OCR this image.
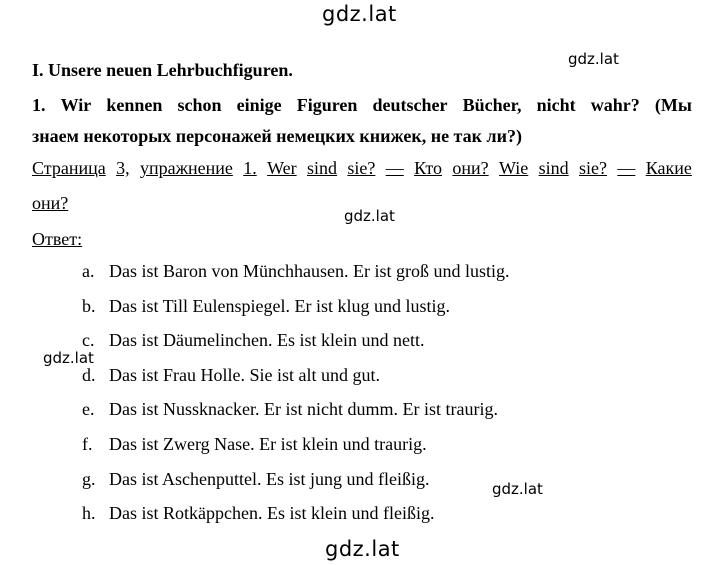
gdz.lat
gdz.lat
I. Unsere neuen Lehrbuchfiguren.
1. Wir kennen schon einige Figuren deutscher Bücher, nicht wahr? (Мы
знаем некоторых персонажей немецких книжек, не так ли?)
Страница 3, упражнение 1. Wer sind sie? — Кто они? Wie sind sie? — Какие
они?
gdz.lat
Ответ:
a. Das ist Baron von Münchhausen. Er ist groß und lustig.
b. Das ist Till Eulenspiegel. Er ist klug und lustig.
c. Das ist Däumelinchen. Es ist klein und nett.
d. Das ist Frau Holle. Sie ist alt und gut.
e. Das ist Nussknacker. Er ist nicht dumm. Er ist traurig.
f. Das ist Zwerg Nase. Er ist klein und traurig.
g. Das ist Aschenputtel. Es ist jung und fleißig.
h. Das ist Rotkäppchen. Es ist klein und fleißig.
gdz.lat
gdz.lat
gdz.lat
